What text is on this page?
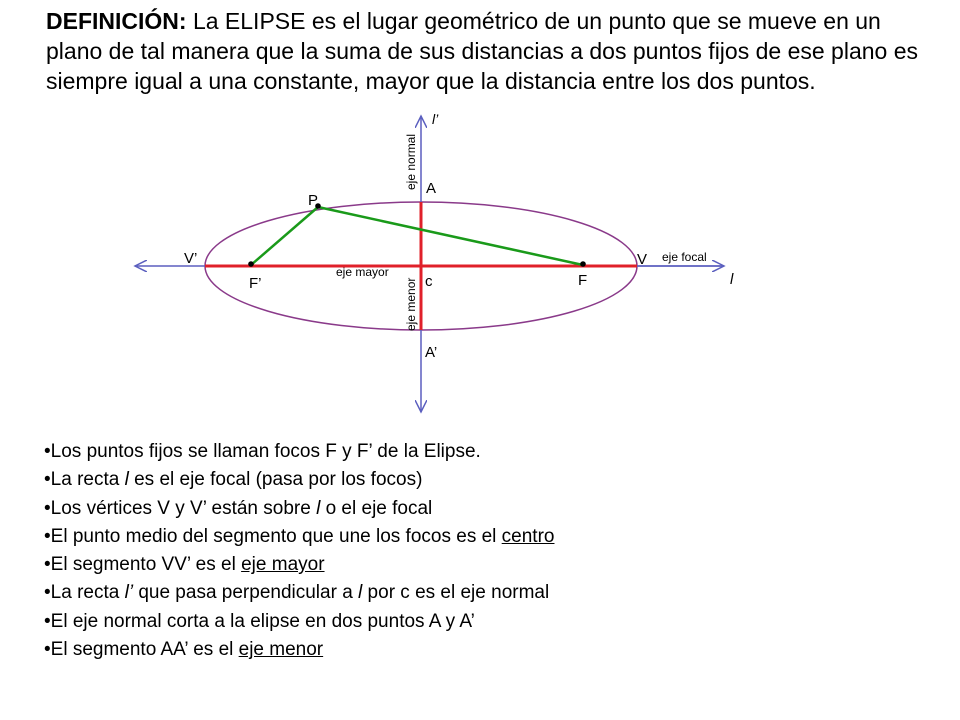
DEFINICIÓN: La ELIPSE es el lugar geométrico de un punto que se mueve en un plano de tal manera que la suma de sus distancias a dos puntos fijos de ese plano es siempre igual a una constante, mayor que la distancia entre los dos puntos.
l’
eje normal A
P
V’	V eje focal
eje mayor
c	F	l
F’	eje menor
A’
•Los puntos fijos se llaman focos F y F’ de la Elipse.
•La recta l es el eje focal (pasa por los focos)
•Los vértices V y V’ están sobre l o el eje focal
•El punto medio del segmento que une los focos es el centro
•El segmento VV’ es el eje mayor
•La recta l’ que pasa perpendicular a l por c es el eje normal
•El eje normal corta a la elipse en dos puntos A y A’
•El segmento AA’ es el eje menor
